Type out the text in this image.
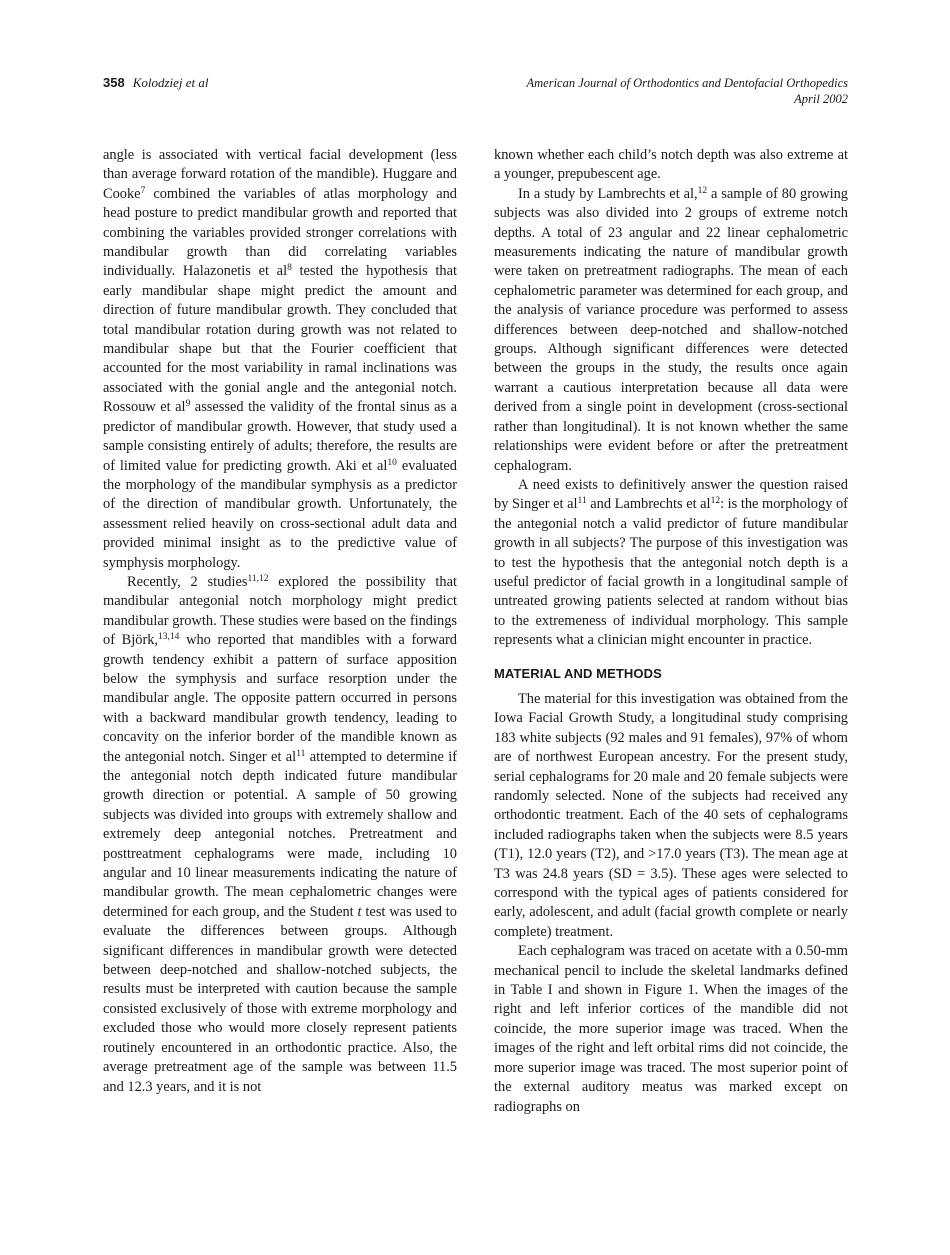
358 Kolodziej et al	American Journal of Orthodontics and Dentofacial Orthopedics
April 2002

angle is associated with vertical facial development (less than average forward rotation of the mandible). Huggare and Cooke$^7$ combined the variables of atlas morphology and head posture to predict mandibular growth and reported that combining the variables provided stronger correlations with mandibular growth than did correlating variables individually. Halazonetis et $al^8$ tested the hypothesis that early mandibular shape might predict the amount and direction of future mandibular growth. They concluded that total mandibular rotation during growth was not related to mandibular shape but that the Fourier coefficient that accounted for the most variability in ramal inclinations was associated with the gonial angle and the antegonial notch. Rossouw et $al^9$ assessed the validity of the frontal sinus as a predictor of mandibular growth. However, that study used a sample consisting entirely of adults; therefore, the results are of limited value for predicting growth. Aki et $al^{10}$ evaluated the morphology of the mandibular symphysis as a predictor of the direction of mandibular growth. Unfortunately, the assessment relied heavily on cross-sectional adult data and provided minimal insight as to the predictive value of symphysis morphology.

Recently, 2 studies$^{11,12}$ explored the possibility that mandibular antegonial notch morphology might predict mandibular growth. These studies were based on the findings of Björk,$^{13,14}$ who reported that mandibles with a forward growth tendency exhibit a pattern of surface apposition below the symphysis and surface resorption under the mandibular angle. The opposite pattern occurred in persons with a backward mandibular growth tendency, leading to concavity on the inferior border of the mandible known as the antegonial notch. Singer et $al^{11}$ attempted to determine if the antegonial notch depth indicated future mandibular growth direction or potential. A sample of 50 growing subjects was divided into groups with extremely shallow and extremely deep antegonial notches. Pretreatment and posttreatment cephalograms were made, including 10 angular and 10 linear measurements indicating the nature of mandibular growth. The mean cephalometric changes were determined for each group, and the Student t test was used to evaluate the differences between groups. Although significant differences in mandibular growth were detected between deep-notched and shallow-notched subjects, the results must be interpreted with caution because the sample consisted exclusively of those with extreme morphology and excluded those who would more closely represent patients routinely encountered in an orthodontic practice. Also, the average pretreatment age of the sample was between 11.5 and 12.3 years, and it is not

known whether each child’s notch depth was also extreme at a younger, prepubescent age.

In a study by Lambrechts et al,$^{12}$ a sample of 80 growing subjects was also divided into 2 groups of extreme notch depths. A total of 23 angular and 22 linear cephalometric measurements indicating the nature of mandibular growth were taken on pretreatment radiographs. The mean of each cephalometric parameter was determined for each group, and the analysis of variance procedure was performed to assess differences between deep-notched and shallow-notched groups. Although significant differences were detected between the groups in the study, the results once again warrant a cautious interpretation because all data were derived from a single point in development (cross-sectional rather than longitudinal). It is not known whether the same relationships were evident before or after the pretreatment cephalogram.

A need exists to definitively answer the question raised by Singer et $al^{11}$ and Lambrechts et $al^{12}$: is the morphology of the antegonial notch a valid predictor of future mandibular growth in all subjects? The purpose of this investigation was to test the hypothesis that the antegonial notch depth is a useful predictor of facial growth in a longitudinal sample of untreated growing patients selected at random without bias to the extremeness of individual morphology. This sample represents what a clinician might encounter in practice.

MATERIAL AND METHODS

The material for this investigation was obtained from the Iowa Facial Growth Study, a longitudinal study comprising 183 white subjects (92 males and 91 females), 97% of whom are of northwest European ancestry. For the present study, serial cephalograms for 20 male and 20 female subjects were randomly selected. None of the subjects had received any orthodontic treatment. Each of the 40 sets of cephalograms included radiographs taken when the subjects were 8.5 years (T1), 12.0 years (T2), and >17.0 years (T3). The mean age at T3 was 24.8 years (SD = 3.5). These ages were selected to correspond with the typical ages of patients considered for early, adolescent, and adult (facial growth complete or nearly complete) treatment.

Each cephalogram was traced on acetate with a 0.50-mm mechanical pencil to include the skeletal landmarks defined in Table I and shown in Figure 1. When the images of the right and left inferior cortices of the mandible did not coincide, the more superior image was traced. When the images of the right and left orbital rims did not coincide, the more superior image was traced. The most superior point of the external auditory meatus was marked except on radiographs on
